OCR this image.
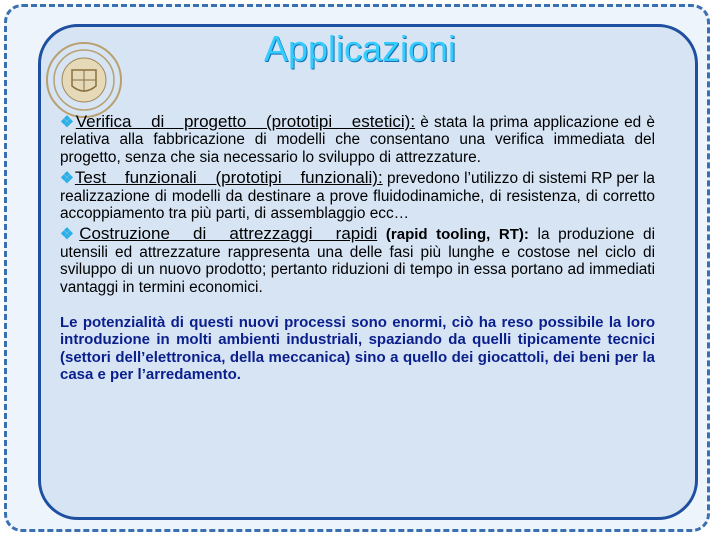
Applicazioni

❖Verifica di progetto (prototipi estetici): è stata la prima applicazione ed è relativa alla fabbricazione di modelli che consentano una verifica immediata del progetto, senza che sia necessario lo sviluppo di attrezzature.

❖Test funzionali (prototipi funzionali): prevedono l’utilizzo di sistemi RP per la realizzazione di modelli da destinare a prove fluidodinamiche, di resistenza, di corretto accoppiamento tra più parti, di assemblaggio ecc…

❖Costruzione di attrezzaggi rapidi (rapid tooling, RT): la produzione di utensili ed attrezzature rappresenta una delle fasi più lunghe e costose nel ciclo di sviluppo di un nuovo prodotto; pertanto riduzioni di tempo in essa portano ad immediati vantaggi in termini economici.

Le potenzialità di questi nuovi processi sono enormi, ciò ha reso possibile la loro introduzione in molti ambienti industriali, spaziando da quelli tipicamente tecnici (settori dell’elettronica, della meccanica) sino a quello dei giocattoli, dei beni per la casa e per l’arredamento.
